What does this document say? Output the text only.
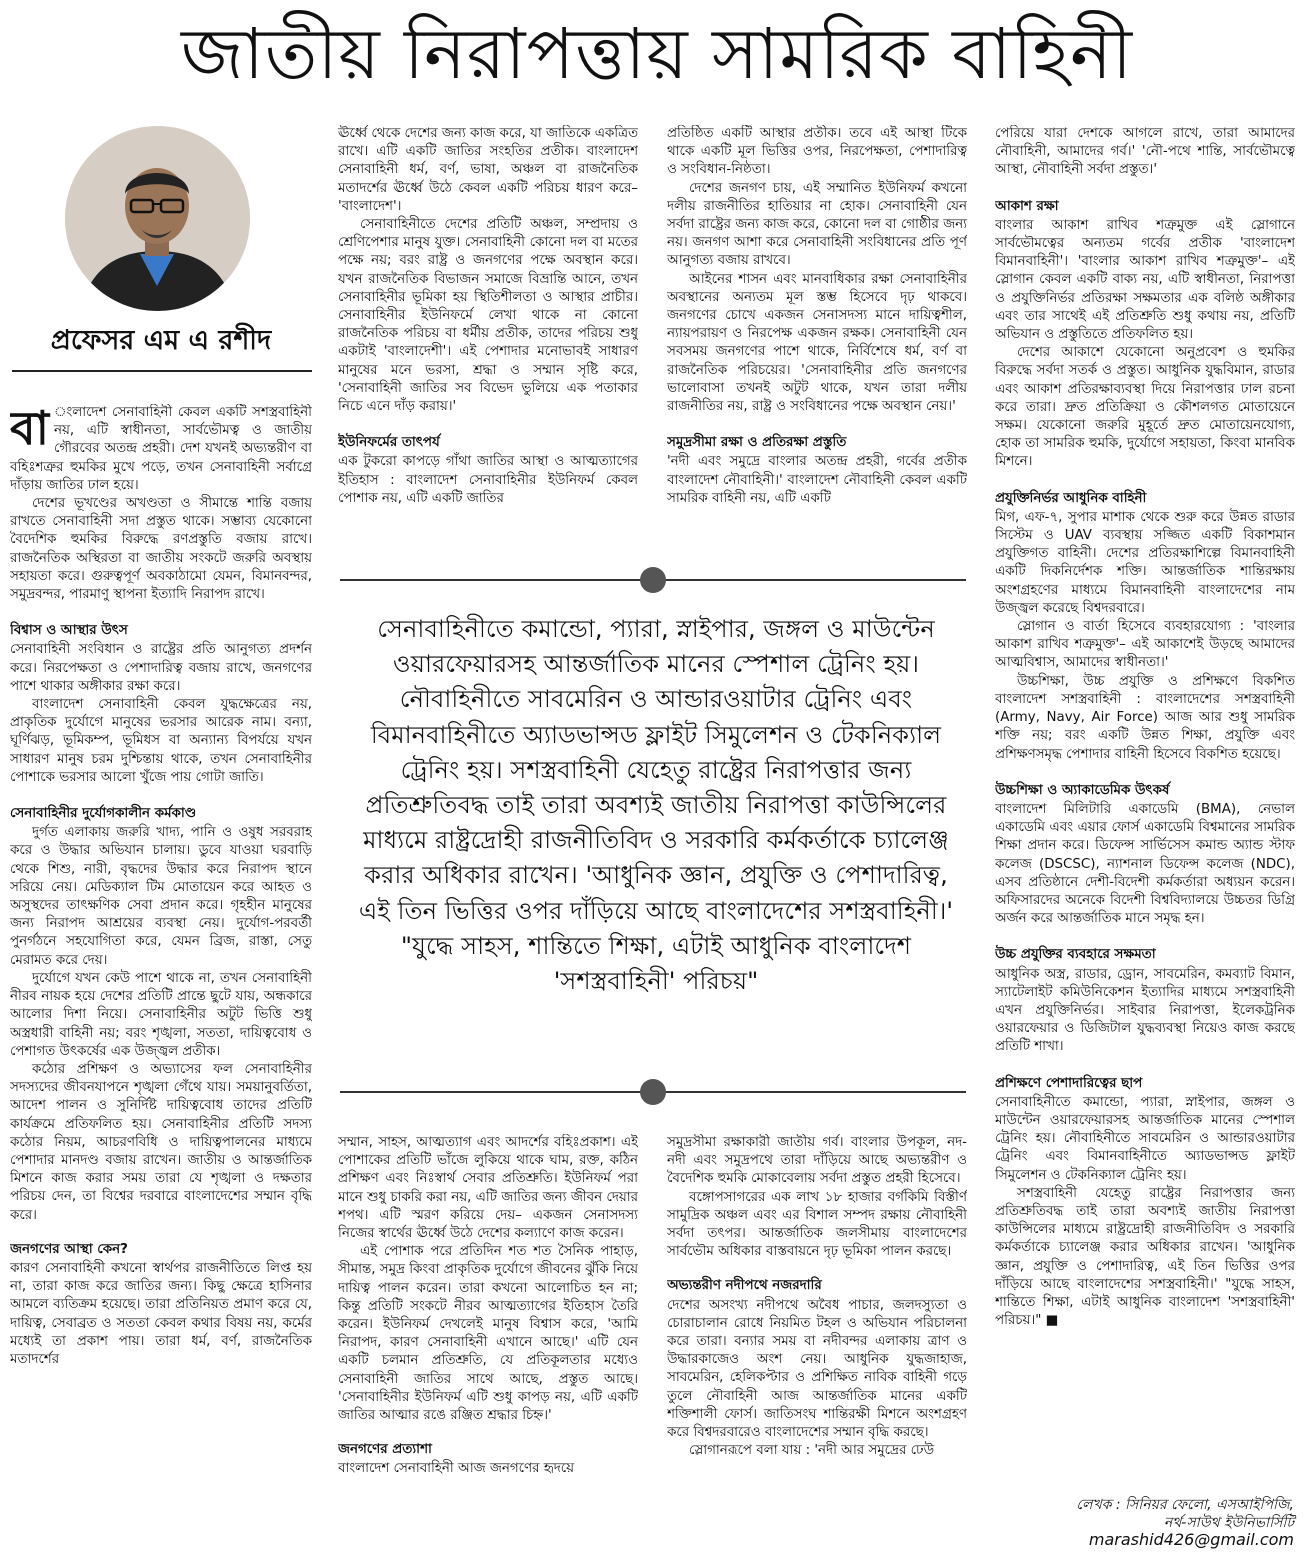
জাতীয় নিরাপত্তায় সামরিক বাহিনী
প্রফেসর এম এ রশীদ

বা ংলাদেশ সেনাবাহিনী কেবল একটি সশস্ত্রবাহিনী নয়, এটি স্বাধীনতা, সার্বভৌমত্ব ও জাতীয় গৌরবের অতন্দ্র প্রহরী। দেশ যখনই অভ্যন্তরীণ বা বহিঃশত্রুর হুমকির মুখে পড়ে, তখন সেনাবাহিনী সর্বাগ্রে দাঁড়ায় জাতির ঢাল হয়ে।

দেশের ভূখণ্ডের অখণ্ডতা ও সীমান্তে শান্তি বজায় রাখতে সেনাবাহিনী সদা প্রস্তুত থাকে। সম্ভাব্য যেকোনো বৈদেশিক হুমকির বিরুদ্ধে রণপ্রস্তুতি বজায় রাখে। রাজনৈতিক অস্থিরতা বা জাতীয় সংকটে জরুরি অবস্থায় সহায়তা করে। গুরুত্বপূর্ণ অবকাঠামো যেমন, বিমানবন্দর, সমুদ্রবন্দর, পারমাণু স্থাপনা ইত্যাদি নিরাপদ রাখে।

বিশ্বাস ও আস্থার উৎস

সেনাবাহিনী সংবিধান ও রাষ্ট্রের প্রতি আনুগত্য প্রদর্শন করে। নিরপেক্ষতা ও পেশাদারিত্ব বজায় রাখে, জনগণের পাশে থাকার অঙ্গীকার রক্ষা করে।

বাংলাদেশ সেনাবাহিনী কেবল যুদ্ধক্ষেত্রের নয়, প্রাকৃতিক দুর্যোগে মানুষের ভরসার আরেক নাম। বন্যা, ঘূর্ণিঝড়, ভূমিকম্প, ভূমিধস বা অন্যান্য বিপর্যয়ে যখন সাধারণ মানুষ চরম দুশ্চিন্তায় থাকে, তখন সেনাবাহিনীর পোশাকে ভরসার আলো খুঁজে পায় গোটা জাতি।

সেনাবাহিনীর দুর্যোগকালীন কর্মকাণ্ড

দুর্গত এলাকায় জরুরি খাদ্য, পানি ও ওষুধ সরবরাহ করে ও উদ্ধার অভিযান চালায়। ডুবে যাওয়া ঘরবাড়ি থেকে শিশু, নারী, বৃদ্ধদের উদ্ধার করে নিরাপদ স্থানে সরিয়ে নেয়। মেডিক্যাল টিম মোতায়েন করে আহত ও অসুস্থদের তাৎক্ষণিক সেবা প্রদান করে। গৃহহীন মানুষের জন্য নিরাপদ আশ্রয়ের ব্যবস্থা নেয়। দুর্যোগ-পরবর্তী পুনর্গঠনে সহযোগিতা করে, যেমন ব্রিজ, রাস্তা, সেতু মেরামত করে দেয়।

দুর্যোগে যখন কেউ পাশে থাকে না, তখন সেনাবাহিনী নীরব নায়ক হয়ে দেশের প্রতিটি প্রান্তে ছুটে যায়, অন্ধকারে আলোর দিশা নিয়ে। সেনাবাহিনীর অটুট ভিত্তি শুধু অস্ত্রধারী বাহিনী নয়; বরং শৃঙ্খলা, সততা, দায়িত্ববোধ ও পেশাগত উৎকর্ষের এক উজ্জ্বল প্রতীক।

কঠোর প্রশিক্ষণ ও অভ্যাসের ফল সেনাবাহিনীর সদস্যদের জীবনযাপনে শৃঙ্খলা গেঁথে যায়। সময়ানুবর্তিতা, আদেশ পালন ও সুনির্দিষ্ট দায়িত্ববোধ তাদের প্রতিটি কার্যক্রমে প্রতিফলিত হয়। সেনাবাহিনীর প্রতিটি সদস্য কঠোর নিয়ম, আচরণবিধি ও দায়িত্বপালনের মাধ্যমে পেশাদার মানদণ্ড বজায় রাখেন। জাতীয় ও আন্তর্জাতিক মিশনে কাজ করার সময় তারা যে শৃঙ্খলা ও দক্ষতার পরিচয় দেন, তা বিশ্বের দরবারে বাংলাদেশের সম্মান বৃদ্ধি করে।

জনগণের আস্থা কেন?

কারণ সেনাবাহিনী কখনো স্বার্থপর রাজনীতিতে লিপ্ত হয় না, তারা কাজ করে জাতির জন্য। কিছু ক্ষেত্রে হাসিনার আমলে ব্যতিক্রম হয়েছে। তারা প্রতিনিয়ত প্রমাণ করে যে, দায়িত্ব, সেবাব্রত ও সততা কেবল কথার বিষয় নয়, কর্মের মধ্যেই তা প্রকাশ পায়। তারা ধর্ম, বর্ণ, রাজনৈতিক মতাদর্শের

ঊর্ধ্বে থেকে দেশের জন্য কাজ করে, যা জাতিকে একত্রিত রাখে। এটি একটি জাতির সংহতির প্রতীক। বাংলাদেশ সেনাবাহিনী ধর্ম, বর্ণ, ভাষা, অঞ্চল বা রাজনৈতিক মতাদর্শের ঊর্ধ্বে উঠে কেবল একটি পরিচয় ধারণ করে– 'বাংলাদেশ'।

সেনাবাহিনীতে দেশের প্রতিটি অঞ্চল, সম্প্রদায় ও শ্রেণিপেশার মানুষ যুক্ত। সেনাবাহিনী কোনো দল বা মতের পক্ষে নয়; বরং রাষ্ট্র ও জনগণের পক্ষে অবস্থান করে। যখন রাজনৈতিক বিভাজন সমাজে বিভ্রান্তি আনে, তখন সেনাবাহিনীর ভূমিকা হয় স্থিতিশীলতা ও আস্থার প্রাচীর। সেনাবাহিনীর ইউনিফর্মে লেখা থাকে না কোনো রাজনৈতিক পরিচয় বা ধর্মীয় প্রতীক, তাদের পরিচয় শুধু একটাই 'বাংলাদেশী'। এই পেশাদার মনোভাবই সাধারণ মানুষের মনে ভরসা, শ্রদ্ধা ও সম্মান সৃষ্টি করে, 'সেনাবাহিনী জাতির সব বিভেদ ভুলিয়ে এক পতাকার নিচে এনে দাঁড় করায়।'

ইউনিফর্মের তাৎপর্য

এক টুকরো কাপড়ে গাঁথা জাতির আস্থা ও আত্মত্যাগের ইতিহাস : বাংলাদেশ সেনাবাহিনীর ইউনিফর্ম কেবল পোশাক নয়, এটি একটি জাতির

প্রতিষ্ঠিত একটি আস্থার প্রতীক। তবে এই আস্থা টিকে থাকে একটি মূল ভিত্তির ওপর, নিরপেক্ষতা, পেশাদারিত্ব ও সংবিধান-নিষ্ঠতা।

দেশের জনগণ চায়, এই সম্মানিত ইউনিফর্ম কখনো দলীয় রাজনীতির হাতিয়ার না হোক। সেনাবাহিনী যেন সর্বদা রাষ্ট্রের জন্য কাজ করে, কোনো দল বা গোষ্ঠীর জন্য নয়। জনগণ আশা করে সেনাবাহিনী সংবিধানের প্রতি পূর্ণ আনুগত্য বজায় রাখবে।

আইনের শাসন এবং মানবাধিকার রক্ষা সেনাবাহিনীর অবস্থানের অন্যতম মূল স্তম্ভ হিসেবে দৃঢ় থাকবে। জনগণের চোখে একজন সেনাসদস্য মানে দায়িত্বশীল, ন্যায়পরায়ণ ও নিরপেক্ষ একজন রক্ষক। সেনাবাহিনী যেন সবসময় জনগণের পাশে থাকে, নির্বিশেষে ধর্ম, বর্ণ বা রাজনৈতিক পরিচয়ের। 'সেনাবাহিনীর প্রতি জনগণের ভালোবাসা তখনই অটুট থাকে, যখন তারা দলীয় রাজনীতির নয়, রাষ্ট্র ও সংবিধানের পক্ষে অবস্থান নেয়।'

সমুদ্রসীমা রক্ষা ও প্রতিরক্ষা প্রস্তুতি

'নদী এবং সমুদ্রে বাংলার অতন্দ্র প্রহরী, গর্বের প্রতীক বাংলাদেশ নৌবাহিনী।' বাংলাদেশ নৌবাহিনী কেবল একটি সামরিক বাহিনী নয়, এটি একটি

সেনাবাহিনীতে কমান্ডো, প্যারা, স্নাইপার, জঙ্গল ও মাউন্টেন ওয়ারফেয়ারসহ আন্তর্জাতিক মানের স্পেশাল ট্রেনিং হয়। নৌবাহিনীতে সাবমেরিন ও আন্ডারওয়াটার ট্রেনিং এবং বিমানবাহিনীতে অ্যাডভান্সড ফ্লাইট সিমুলেশন ও টেকনিক্যাল ট্রেনিং হয়। সশস্ত্রবাহিনী যেহেতু রাষ্ট্রের নিরাপত্তার জন্য প্রতিশ্রুতিবদ্ধ তাই তারা অবশ্যই জাতীয় নিরাপত্তা কাউন্সিলের মাধ্যমে রাষ্ট্রদ্রোহী রাজনীতিবিদ ও সরকারি কর্মকর্তাকে চ্যালেঞ্জ করার অধিকার রাখেন। 'আধুনিক জ্ঞান, প্রযুক্তি ও পেশাদারিত্ব, এই তিন ভিত্তির ওপর দাঁড়িয়ে আছে বাংলাদেশের সশস্ত্রবাহিনী।' "যুদ্ধে সাহস, শান্তিতে শিক্ষা, এটাই আধুনিক বাংলাদেশ 'সশস্ত্রবাহিনী' পরিচয়"

সম্মান, সাহস, আত্মত্যাগ এবং আদর্শের বহিঃপ্রকাশ। এই পোশাকের প্রতিটি ভাঁজে লুকিয়ে থাকে ঘাম, রক্ত, কঠিন প্রশিক্ষণ এবং নিঃস্বার্থ সেবার প্রতিশ্রুতি। ইউনিফর্ম পরা মানে শুধু চাকরি করা নয়, এটি জাতির জন্য জীবন দেয়ার শপথ। এটি স্মরণ করিয়ে দেয়– একজন সেনাসদস্য নিজের স্বার্থের ঊর্ধ্বে উঠে দেশের কল্যাণে কাজ করেন।

এই পোশাক পরে প্রতিদিন শত শত সৈনিক পাহাড়, সীমান্ত, সমুদ্র কিংবা প্রাকৃতিক দুর্যোগে জীবনের ঝুঁকি নিয়ে দায়িত্ব পালন করেন। তারা কখনো আলোচিত হন না; কিন্তু প্রতিটি সংকটে নীরব আত্মত্যাগের ইতিহাস তৈরি করেন। ইউনিফর্ম দেখলেই মানুষ বিশ্বাস করে, 'আমি নিরাপদ, কারণ সেনাবাহিনী এখানে আছে।' এটি যেন একটি চলমান প্রতিশ্রুতি, যে প্রতিকূলতার মধ্যেও সেনাবাহিনী জাতির সাথে আছে, প্রস্তুত আছে। 'সেনাবাহিনীর ইউনিফর্ম এটি শুধু কাপড় নয়, এটি একটি জাতির আত্মার রঙে রঞ্জিত শ্রদ্ধার চিহ্ন।'

জনগণের প্রত্যাশা

বাংলাদেশ সেনাবাহিনী আজ জনগণের হৃদয়ে

সমুদ্রসীমা রক্ষাকারী জাতীয় গর্ব। বাংলার উপকূল, নদ-নদী এবং সমুদ্রপথে তারা দাঁড়িয়ে আছে অভ্যন্তরীণ ও বৈদেশিক হুমকি মোকাবেলায় সর্বদা প্রস্তুত প্রহরী হিসেবে।

বঙ্গোপসাগরের এক লাখ ১৮ হাজার বর্গকিমি বিস্তীর্ণ সামুদ্রিক অঞ্চল এবং এর বিশাল সম্পদ রক্ষায় নৌবাহিনী সর্বদা তৎপর। আন্তর্জাতিক জলসীমায় বাংলাদেশের সার্বভৌম অধিকার বাস্তবায়নে দৃঢ় ভূমিকা পালন করছে।

অভ্যন্তরীণ নদীপথে নজরদারি

দেশের অসংখ্য নদীপথে অবৈধ পাচার, জলদস্যুতা ও চোরাচালান রোধে নিয়মিত টহল ও অভিযান পরিচালনা করে তারা। বন্যার সময় বা নদীবন্দর এলাকায় ত্রাণ ও উদ্ধারকাজেও অংশ নেয়। আধুনিক যুদ্ধজাহাজ, সাবমেরিন, হেলিকপ্টার ও প্রশিক্ষিত নাবিক বাহিনী গড়ে তুলে নৌবাহিনী আজ আন্তর্জাতিক মানের একটি শক্তিশালী ফোর্স। জাতিসংঘ শান্তিরক্ষী মিশনে অংশগ্রহণ করে বিশ্বদরবারেও বাংলাদেশের সম্মান বৃদ্ধি করছে।

স্লোগানরূপে বলা যায় : 'নদী আর সমুদ্রের ঢেউ

পেরিয়ে যারা দেশকে আগলে রাখে, তারা আমাদের নৌবাহিনী, আমাদের গর্ব।' 'নৌ-পথে শান্তি, সার্বভৌমত্বে আস্থা, নৌবাহিনী সর্বদা প্রস্তুত।'

আকাশ রক্ষা

বাংলার আকাশ রাখিব শত্রুমুক্ত এই স্লোগানে সার্বভৌমত্বের অন্যতম গর্বের প্রতীক 'বাংলাদেশ বিমানবাহিনী'। 'বাংলার আকাশ রাখিব শত্রুমুক্ত'– এই স্লোগান কেবল একটি বাক্য নয়, এটি স্বাধীনতা, নিরাপত্তা ও প্রযুক্তিনির্ভর প্রতিরক্ষা সক্ষমতার এক বলিষ্ঠ অঙ্গীকার এবং তার সাথেই এই প্রতিশ্রুতি শুধু কথায় নয়, প্রতিটি অভিযান ও প্রস্তুতিতে প্রতিফলিত হয়।

দেশের আকাশে যেকোনো অনুপ্রবেশ ও হুমকির বিরুদ্ধে সর্বদা সতর্ক ও প্রস্তুত। আধুনিক যুদ্ধবিমান, রাডার এবং আকাশ প্রতিরক্ষাব্যবস্থা দিয়ে নিরাপত্তার ঢাল রচনা করে তারা। দ্রুত প্রতিক্রিয়া ও কৌশলগত মোতায়েনে সক্ষম। যেকোনো জরুরি মুহূর্তে দ্রুত মোতায়েনযোগ্য, হোক তা সামরিক হুমকি, দুর্যোগে সহায়তা, কিংবা মানবিক মিশনে।

প্রযুক্তিনির্ভর আধুনিক বাহিনী

মিগ, এফ-৭, সুপার মাশাক থেকে শুরু করে উন্নত রাডার সিস্টেম ও UAV ব্যবস্থায় সজ্জিত একটি বিকাশমান প্রযুক্তিগত বাহিনী। দেশের প্রতিরক্ষাশিল্পে বিমানবাহিনী একটি দিকনির্দেশক শক্তি। আন্তর্জাতিক শান্তিরক্ষায় অংশগ্রহণের মাধ্যমে বিমানবাহিনী বাংলাদেশের নাম উজ্জ্বল করেছে বিশ্বদরবারে।

স্লোগান ও বার্তা হিসেবে ব্যবহারযোগ্য : 'বাংলার আকাশ রাখিব শত্রুমুক্ত'– এই আকাশেই উড়ছে আমাদের আত্মবিশ্বাস, আমাদের স্বাধীনতা।'

উচ্চশিক্ষা, উচ্চ প্রযুক্তি ও প্রশিক্ষণে বিকশিত বাংলাদেশ সশস্ত্রবাহিনী : বাংলাদেশের সশস্ত্রবাহিনী (Army, Navy, Air Force) আজ আর শুধু সামরিক শক্তি নয়; বরং একটি উন্নত শিক্ষা, প্রযুক্তি এবং প্রশিক্ষণসমৃদ্ধ পেশাদার বাহিনী হিসেবে বিকশিত হয়েছে।

উচ্চশিক্ষা ও অ্যাকাডেমিক উৎকর্ষ

বাংলাদেশ মিলিটারি একাডেমি (BMA), নেভাল একাডেমি এবং এয়ার ফোর্স একাডেমি বিশ্বমানের সামরিক শিক্ষা প্রদান করে। ডিফেন্স সার্ভিসেস কমান্ড অ্যান্ড স্টাফ কলেজ (DSCSC), ন্যাশনাল ডিফেন্স কলেজ (NDC), এসব প্রতিষ্ঠানে দেশী-বিদেশী কর্মকর্তারা অধ্যয়ন করেন। অফিসারদের অনেকে বিদেশী বিশ্ববিদ্যালয়ে উচ্চতর ডিগ্রি অর্জন করে আন্তর্জাতিক মানে সমৃদ্ধ হন।

উচ্চ প্রযুক্তির ব্যবহারে সক্ষমতা

আধুনিক অস্ত্র, রাডার, ড্রোন, সাবমেরিন, কমব্যাট বিমান, স্যাটেলাইট কমিউনিকেশন ইত্যাদির মাধ্যমে সশস্ত্রবাহিনী এখন প্রযুক্তিনির্ভর। সাইবার নিরাপত্তা, ইলেকট্রনিক ওয়ারফেয়ার ও ডিজিটাল যুদ্ধব্যবস্থা নিয়েও কাজ করছে প্রতিটি শাখা।

প্রশিক্ষণে পেশাদারিত্বের ছাপ

সেনাবাহিনীতে কমান্ডো, প্যারা, স্নাইপার, জঙ্গল ও মাউন্টেন ওয়ারফেয়ারসহ আন্তর্জাতিক মানের স্পেশাল ট্রেনিং হয়। নৌবাহিনীতে সাবমেরিন ও আন্ডারওয়াটার ট্রেনিং এবং বিমানবাহিনীতে অ্যাডভান্সড ফ্লাইট সিমুলেশন ও টেকনিক্যাল ট্রেনিং হয়।

সশস্ত্রবাহিনী যেহেতু রাষ্ট্রের নিরাপত্তার জন্য প্রতিশ্রুতিবদ্ধ তাই তারা অবশ্যই জাতীয় নিরাপত্তা কাউন্সিলের মাধ্যমে রাষ্ট্রদ্রোহী রাজনীতিবিদ ও সরকারি কর্মকর্তাকে চ্যালেঞ্জ করার অধিকার রাখেন। 'আধুনিক জ্ঞান, প্রযুক্তি ও পেশাদারিত্ব, এই তিন ভিত্তির ওপর দাঁড়িয়ে আছে বাংলাদেশের সশস্ত্রবাহিনী।' "যুদ্ধে সাহস, শান্তিতে শিক্ষা, এটাই আধুনিক বাংলাদেশ 'সশস্ত্রবাহিনী' পরিচয়।" ■

লেখক : সিনিয়র ফেলো, এসআইপিজি,
নর্থ-সাউথ ইউনিভার্সিটি
marashid426@gmail.com
